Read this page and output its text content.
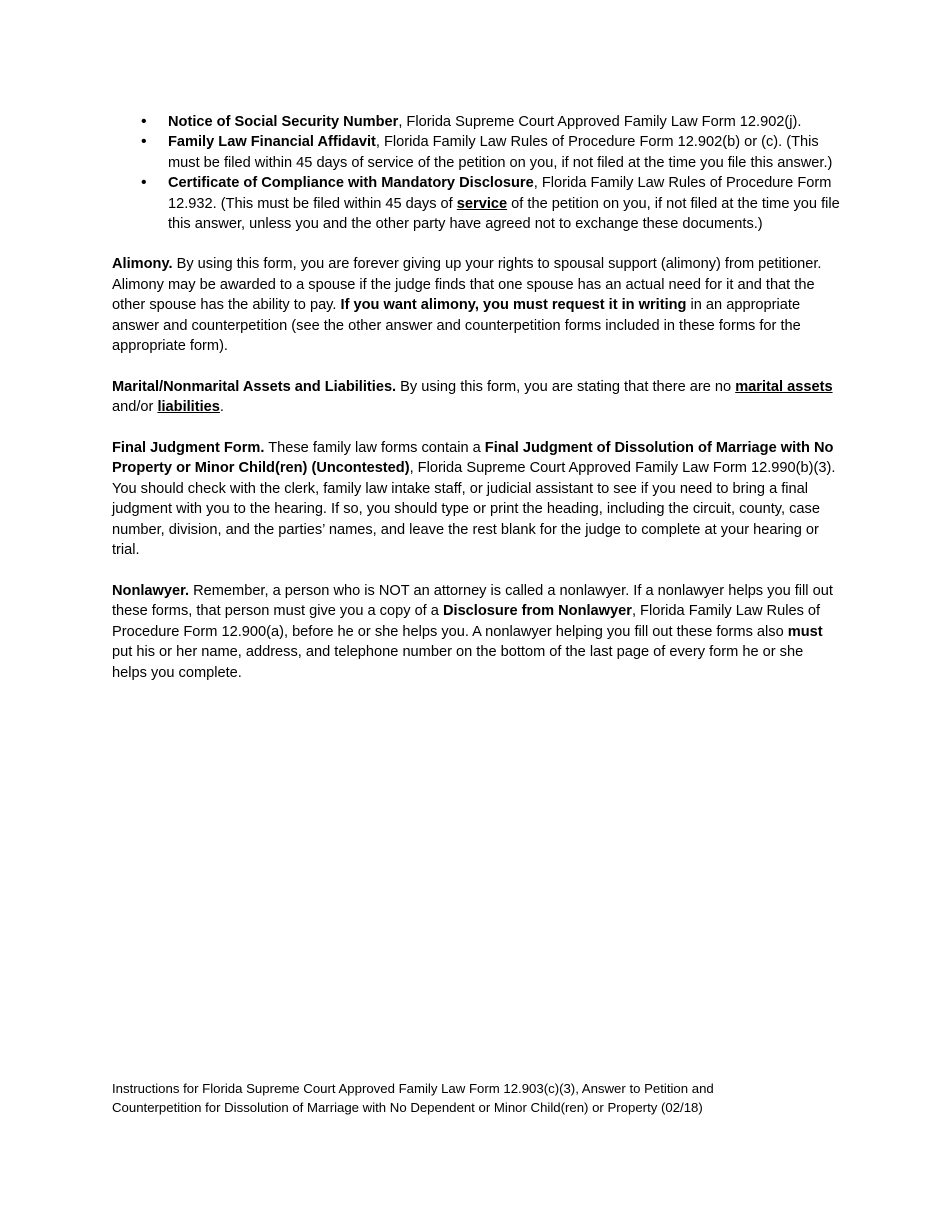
• Notice of Social Security Number, Florida Supreme Court Approved Family Law Form 12.902(j).
• Family Law Financial Affidavit, Florida Family Law Rules of Procedure Form 12.902(b) or (c). (This must be filed within 45 days of service of the petition on you, if not filed at the time you file this answer.)
• Certificate of Compliance with Mandatory Disclosure, Florida Family Law Rules of Procedure Form 12.932. (This must be filed within 45 days of service of the petition on you, if not filed at the time you file this answer, unless you and the other party have agreed not to exchange these documents.)

Alimony. By using this form, you are forever giving up your rights to spousal support (alimony) from petitioner. Alimony may be awarded to a spouse if the judge finds that one spouse has an actual need for it and that the other spouse has the ability to pay. If you want alimony, you must request it in writing in an appropriate answer and counterpetition (see the other answer and counterpetition forms included in these forms for the appropriate form).

Marital/Nonmarital Assets and Liabilities. By using this form, you are stating that there are no marital assets and/or liabilities.

Final Judgment Form. These family law forms contain a Final Judgment of Dissolution of Marriage with No Property or Minor Child(ren) (Uncontested), Florida Supreme Court Approved Family Law Form 12.990(b)(3). You should check with the clerk, family law intake staff, or judicial assistant to see if you need to bring a final judgment with you to the hearing. If so, you should type or print the heading, including the circuit, county, case number, division, and the parties’ names, and leave the rest blank for the judge to complete at your hearing or trial.

Nonlawyer. Remember, a person who is NOT an attorney is called a nonlawyer. If a nonlawyer helps you fill out these forms, that person must give you a copy of a Disclosure from Nonlawyer, Florida Family Law Rules of Procedure Form 12.900(a), before he or she helps you. A nonlawyer helping you fill out these forms also must put his or her name, address, and telephone number on the bottom of the last page of every form he or she helps you complete.

Instructions for Florida Supreme Court Approved Family Law Form 12.903(c)(3), Answer to Petition and
Counterpetition for Dissolution of Marriage with No Dependent or Minor Child(ren) or Property (02/18)
